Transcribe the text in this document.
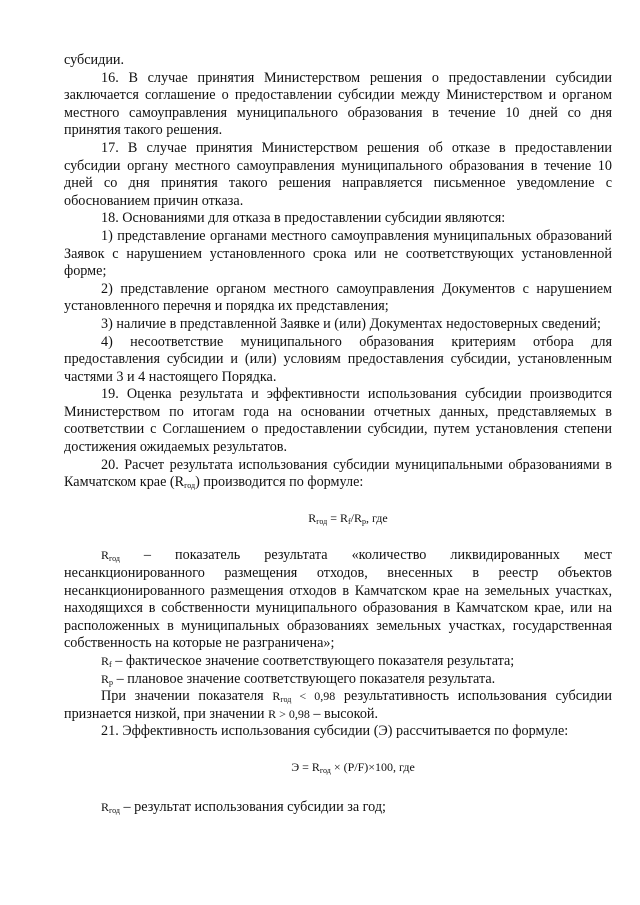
субсидии.

16. В случае принятия Министерством решения о предоставлении субсидии заключается соглашение о предоставлении субсидии между Министерством и органом местного самоуправления муниципального образования в течение 10 дней со дня принятия такого решения.

17. В случае принятия Министерством решения об отказе в предоставлении субсидии органу местного самоуправления муниципального образования в течение 10 дней со дня принятия такого решения направляется письменное уведомление с обоснованием причин отказа.

18. Основаниями для отказа в предоставлении субсидии являются:

1) представление органами местного самоуправления муниципальных образований Заявок с нарушением установленного срока или не соответствующих установленной форме;

2) представление органом местного самоуправления Документов с нарушением установленного перечня и порядка их представления;

3) наличие в представленной Заявке и (или) Документах недостоверных сведений;

4) несоответствие муниципального образования критериям отбора для предоставления субсидии и (или) условиям предоставления субсидии, установленным частями 3 и 4 настоящего Порядка.

19. Оценка результата и эффективности использования субсидии производится Министерством по итогам года на основании отчетных данных, представляемых в соответствии с Соглашением о предоставлении субсидии, путем установления степени достижения ожидаемых результатов.

20. Расчет результата использования субсидии муниципальными образованиями в Камчатском крае $(R_{год})$ производится по формуле:

$R_{год} = R_f/R_p$, где

$R_{год}$ – показатель результата «количество ликвидированных мест несанкционированного размещения отходов, внесенных в реестр объектов несанкционированного размещения отходов в Камчатском крае на земельных участках, находящихся в собственности муниципального образования в Камчатском крае, или на расположенных в муниципальных образованиях земельных участках, государственная собственность на которые не разграничена»;

$R_f$ – фактическое значение соответствующего показателя результата;

$R_p$ – плановое значение соответствующего показателя результата.

При значении показателя $R_{год} < 0,98$ результативность использования субсидии признается низкой, при значении R > 0,98 – высокой.

21. Эффективность использования субсидии (Э) рассчитывается по формуле:

$Э = R_{год} \times (P/F)\times 100$, где

$R_{год}$ – результат использования субсидии за год;
